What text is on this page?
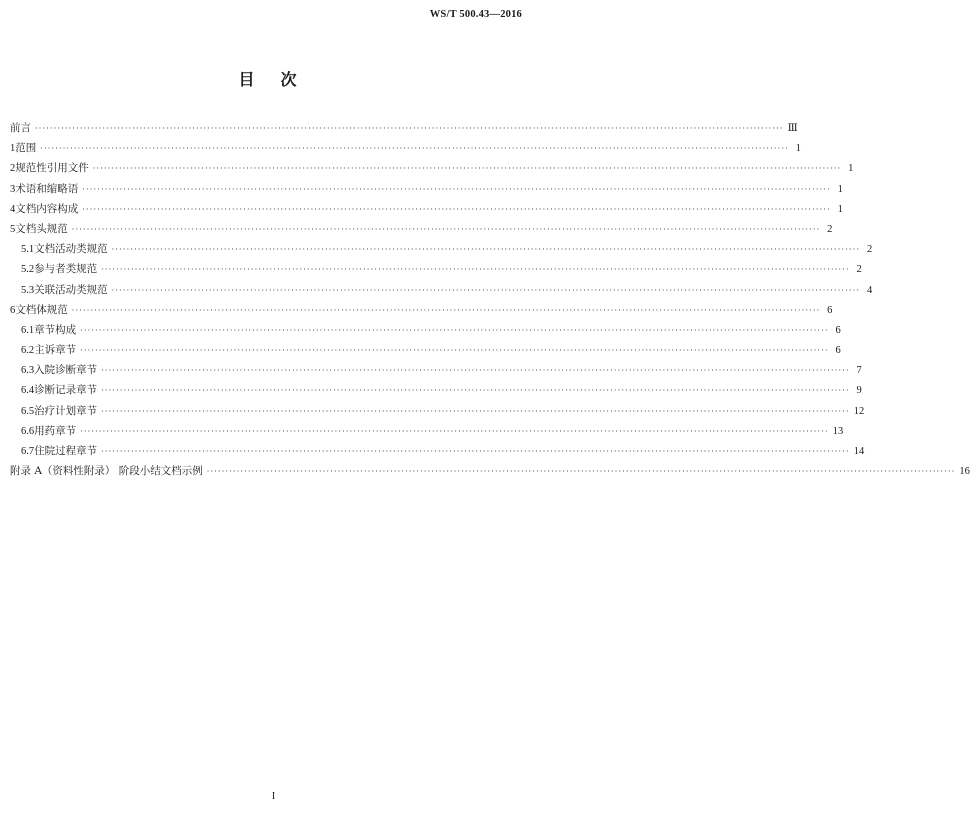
WS/T 500.43—2016
目次
前言 ········································································································································································································ Ⅲ
1 范围 ········································································································································································································ 1
2 规范性引用文件 ········································································································································································································ 1
3 术语和缩略语 ········································································································································································································ 1
4 文档内容构成 ········································································································································································································ 1
5 文档头规范 ········································································································································································································ 2
5.1 文档活动类规范 ········································································································································································································ 2
5.2 参与者类规范 ········································································································································································································ 2
5.3 关联活动类规范 ········································································································································································································ 4
6 文档体规范 ········································································································································································································ 6
6.1 章节构成 ········································································································································································································ 6
6.2 主诉章节 ········································································································································································································ 6
6.3 入院诊断章节 ········································································································································································································ 7
6.4 诊断记录章节 ········································································································································································································ 9
6.5 治疗计划章节 ········································································································································································································ 12
6.6 用药章节 ········································································································································································································ 13
6.7 住院过程章节 ········································································································································································································ 14
附录 A（资料性附录） 阶段小结文档示例 ········································································································································································································ 16
I
